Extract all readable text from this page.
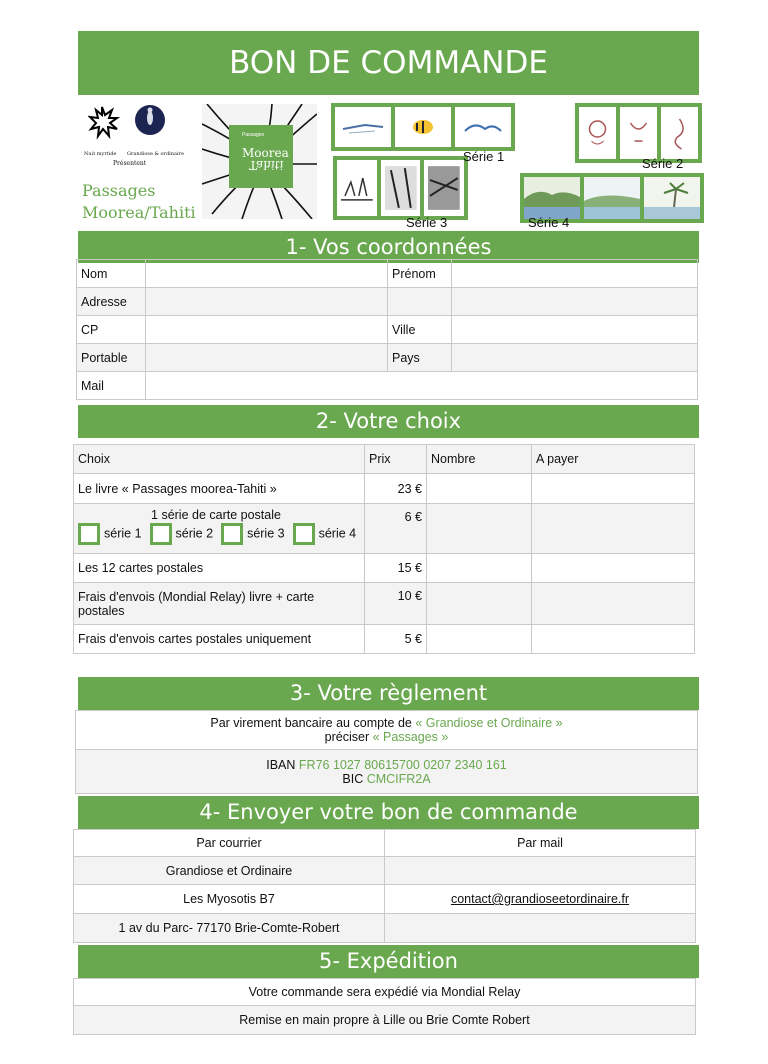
BON DE COMMANDE
Nuit myrtide Grandiose & ordinaire
Présentent
Passages
Moorea/Tahiti
Passages
Moorea
Tahiti
Série 1	Série 2
Série 3	Série 4
1- Vos coordonnées
Nom		Prénom	
Adresse			
CP		Ville	
Portable		Pays	
Mail			
2- Votre choix
Choix	Prix	Nombre	A payer
Le livre « Passages moorea-Tahiti »	23 €		

1 série de carte postale
série 1 série 2 série 3 série 4	6 €		
Les 12 cartes postales	15 €		
Frais d'envois (Mondial Relay) livre + carte postales	10 €		
Frais d'envois cartes postales uniquement	5 €		
3- Votre règlement
Par virement bancaire au compte de « Grandiose et Ordinaire »
préciser « Passages »

IBAN FR76 1027 80615700 0207 2340 161
BIC CMCIFR2A
4- Envoyer votre bon de commande
Par courrier	Par mail
Grandiose et Ordinaire	
Les Myosotis B7	contact@grandioseetordinaire.fr
1 av du Parc- 77170 Brie-Comte-Robert	
5- Expédition
Votre commande sera expédié via Mondial Relay
Remise en main propre à Lille ou Brie Comte Robert
